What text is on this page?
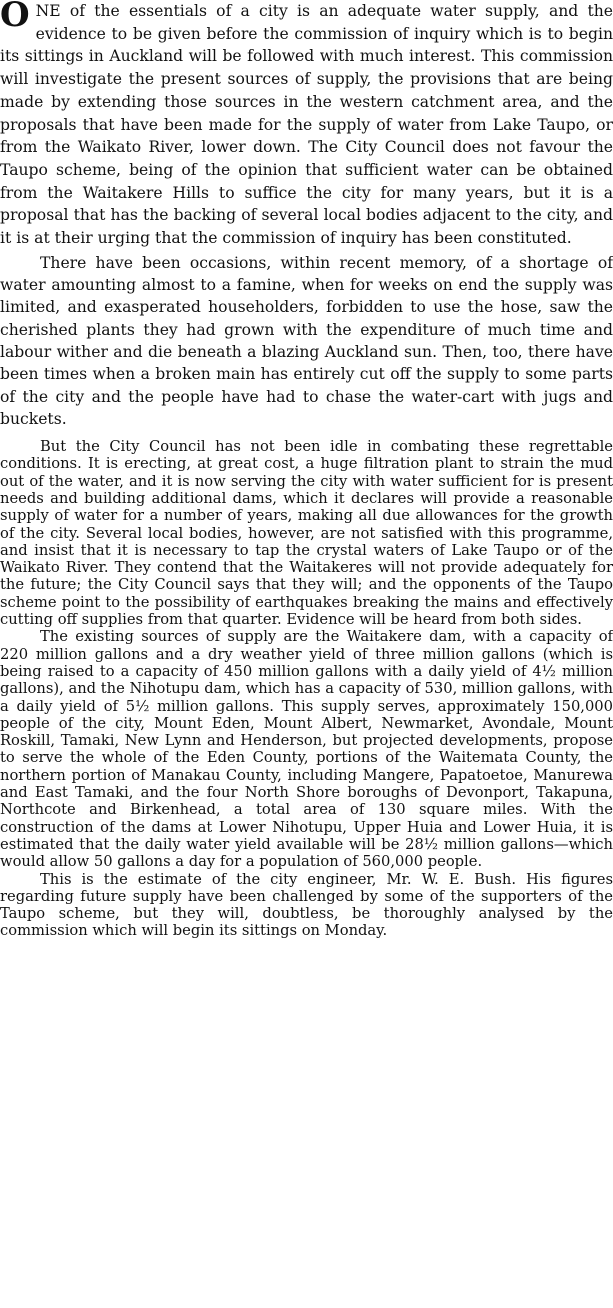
ONE of the essentials of a city is an adequate water supply, and the evidence to be given before the commission of inquiry which is to begin its sittings in Auckland will be followed with much interest. This commission will investigate the present sources of supply, the provisions that are being made by extending those sources in the western catchment area, and the proposals that have been made for the supply of water from Lake Taupo, or from the Waikato River, lower down. The City Council does not favour the Taupo scheme, being of the opinion that sufficient water can be obtained from the Waitakere Hills to suffice the city for many years, but it is a proposal that has the backing of several local bodies adjacent to the city, and it is at their urging that the commission of inquiry has been constituted.

There have been occasions, within recent memory, of a shortage of water amounting almost to a famine, when for weeks on end the supply was limited, and exasperated householders, forbidden to use the hose, saw the cherished plants they had grown with the expenditure of much time and labour wither and die beneath a blazing Auckland sun. Then, too, there have been times when a broken main has entirely cut off the supply to some parts of the city and the people have had to chase the water-cart with jugs and buckets.

But the City Council has not been idle in combating these regrettable conditions. It is erecting, at great cost, a huge filtration plant to strain the mud out of the water, and it is now serving the city with water sufficient for is present needs and building additional dams, which it declares will provide a reasonable supply of water for a number of years, making all due allowances for the growth of the city. Several local bodies, however, are not satisfied with this programme, and insist that it is necessary to tap the crystal waters of Lake Taupo or of the Waikato River. They contend that the Waitakeres will not provide adequately for the future; the City Council says that they will; and the opponents of the Taupo scheme point to the possibility of earthquakes breaking the mains and effectively cutting off supplies from that quarter. Evidence will be heard from both sides.

The existing sources of supply are the Waitakere dam, with a capacity of 220 million gallons and a dry weather yield of three million gallons (which is being raised to a capacity of 450 million gallons with a daily yield of 4½ million gallons), and the Nihotupu dam, which has a capacity of 530, million gallons, with a daily yield of 5½ million gallons. This supply serves, approximately 150,000 people of the city, Mount Eden, Mount Albert, Newmarket, Avondale, Mount Roskill, Tamaki, New Lynn and Henderson, but projected developments, propose to serve the whole of the Eden County, portions of the Waitemata County, the northern portion of Manakau County, including Mangere, Papatoetoe, Manurewa and East Tamaki, and the four North Shore boroughs of Devonport, Takapuna, Northcote and Birkenhead, a total area of 130 square miles. With the construction of the dams at Lower Nihotupu, Upper Huia and Lower Huia, it is estimated that the daily water yield available will be 28½ million gallons—which would allow 50 gallons a day for a population of 560,000 people.

This is the estimate of the city engineer, Mr. W. E. Bush. His figures regarding future supply have been challenged by some of the supporters of the Taupo scheme, but they will, doubtless, be thoroughly analysed by the commission which will begin its sittings on Monday.
